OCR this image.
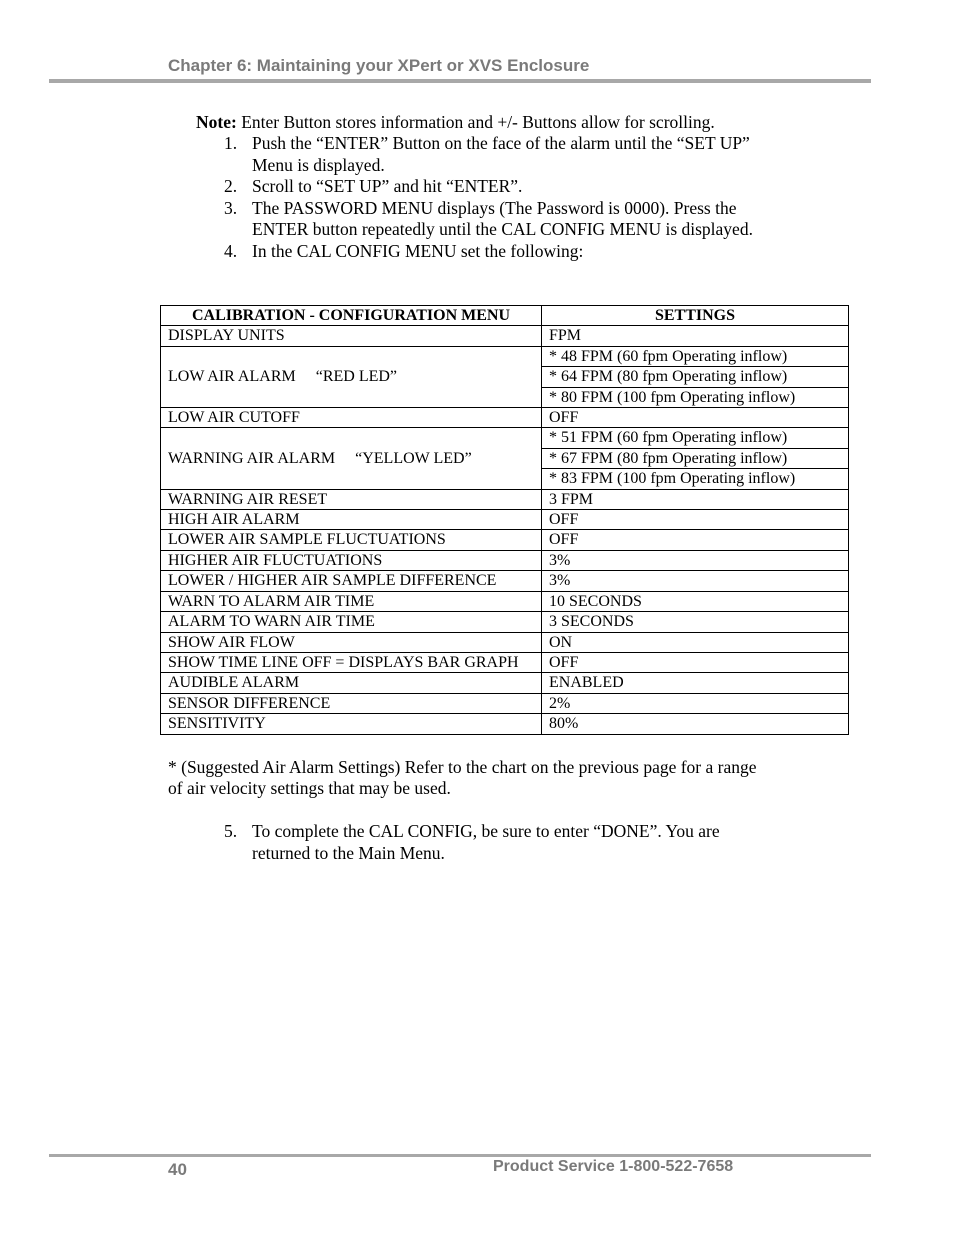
Chapter 6: Maintaining your XPert or XVS Enclosure
Note: Enter Button stores information and +/- Buttons allow for scrolling.
1. Push the “ENTER” Button on the face of the alarm until the “SET UP” Menu is displayed.
2. Scroll to “SET UP” and hit “ENTER”.
3. The PASSWORD MENU displays (The Password is 0000). Press the ENTER button repeatedly until the CAL CONFIG MENU is displayed.
4. In the CAL CONFIG MENU set the following:
CALIBRATION - CONFIGURATION MENU	SETTINGS
DISPLAY UNITS	FPM
LOW AIR ALARM     “RED LED”	* 48 FPM (60 fpm Operating inflow)
	* 64 FPM (80 fpm Operating inflow)
	* 80 FPM (100 fpm Operating inflow)
LOW AIR CUTOFF	OFF
WARNING AIR ALARM     “YELLOW LED”	* 51 FPM (60 fpm Operating inflow)
	* 67 FPM (80 fpm Operating inflow)
	* 83 FPM (100 fpm Operating inflow)
WARNING AIR RESET	3 FPM
HIGH AIR ALARM	OFF
LOWER AIR SAMPLE FLUCTUATIONS	OFF
HIGHER AIR FLUCTUATIONS	3%
LOWER / HIGHER AIR SAMPLE DIFFERENCE	3%
WARN TO ALARM AIR TIME	10 SECONDS
ALARM TO WARN AIR TIME	3 SECONDS
SHOW AIR FLOW	ON
SHOW TIME LINE OFF = DISPLAYS BAR GRAPH	OFF
AUDIBLE ALARM	ENABLED
SENSOR DIFFERENCE	2%
SENSITIVITY	80%
* (Suggested Air Alarm Settings) Refer to the chart on the previous page for a range of air velocity settings that may be used.
5. To complete the CAL CONFIG, be sure to enter “DONE”. You are returned to the Main Menu.
40	Product Service 1-800-522-7658
